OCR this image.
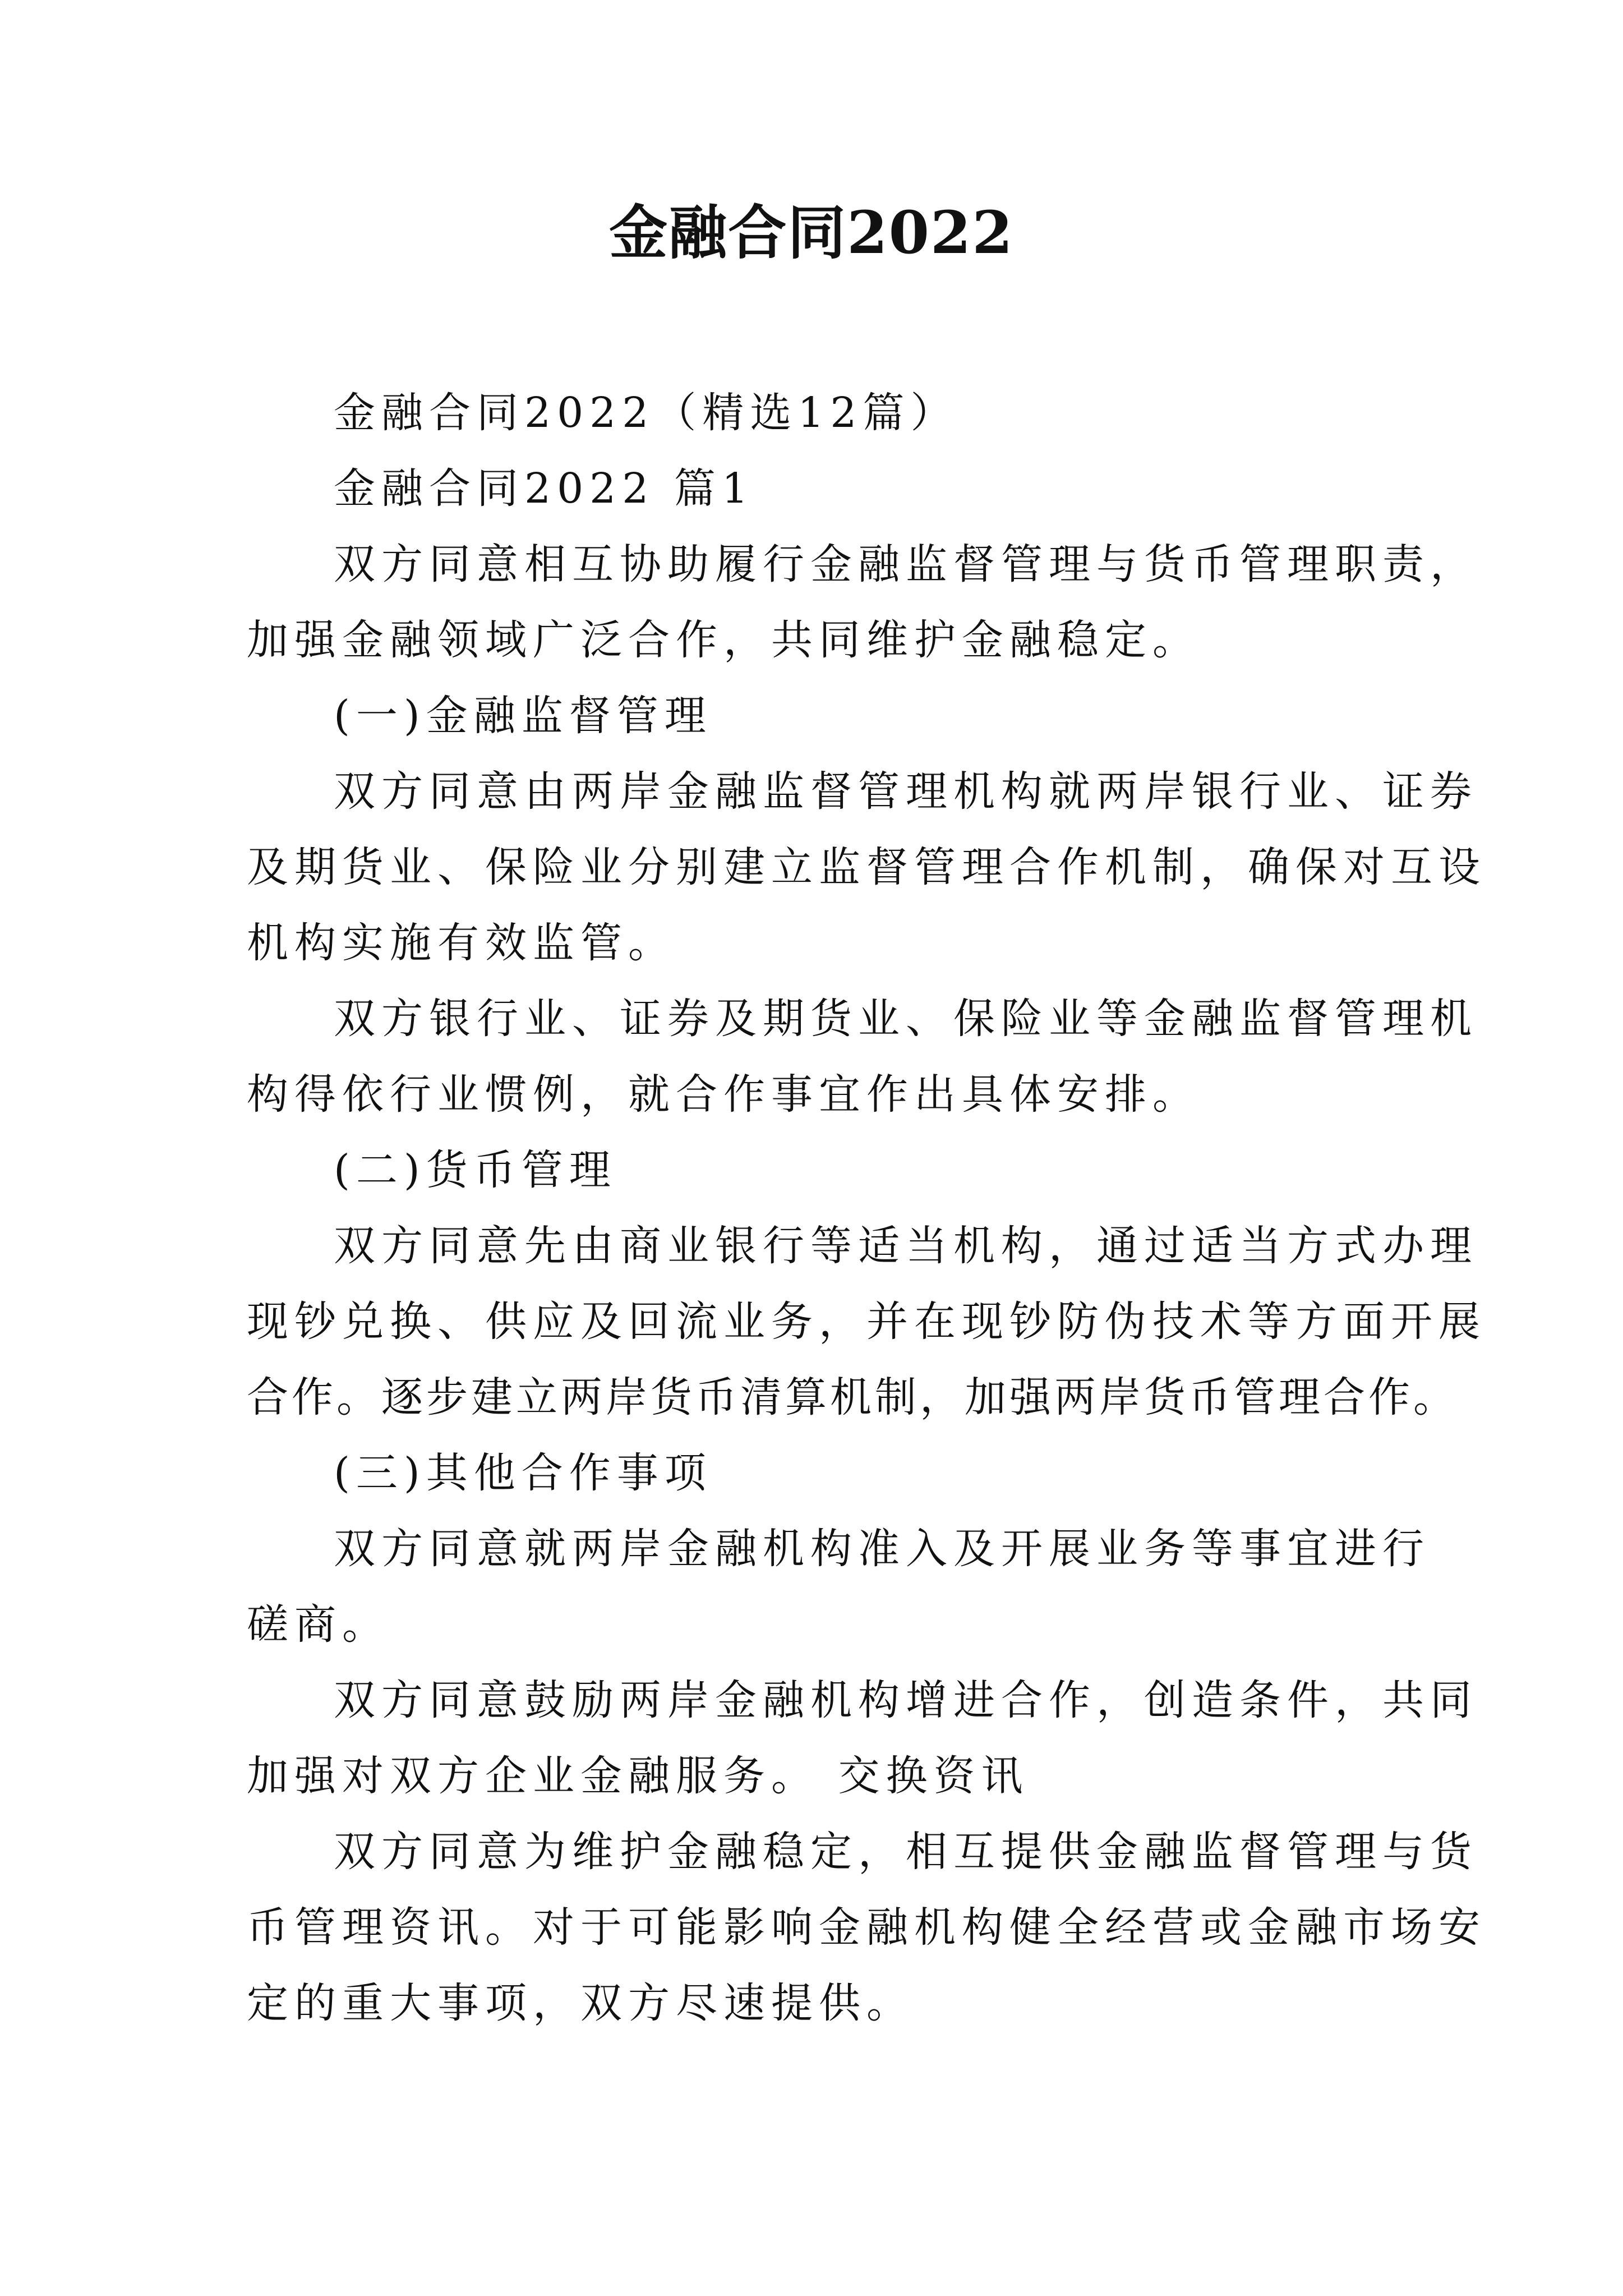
金融合同2022
金融合同2022（精选12篇）
金融合同2022 篇1
双方同意相互协助履行金融监督管理与货币管理职责，
加强金融领域广泛合作，共同维护金融稳定。
(一)金融监督管理
双方同意由两岸金融监督管理机构就两岸银行业、证券
及期货业、保险业分别建立监督管理合作机制，确保对互设
机构实施有效监管。
双方银行业、证券及期货业、保险业等金融监督管理机
构得依行业惯例，就合作事宜作出具体安排。
(二)货币管理
双方同意先由商业银行等适当机构，通过适当方式办理
现钞兑换、供应及回流业务，并在现钞防伪技术等方面开展
合作。逐步建立两岸货币清算机制，加强两岸货币管理合作。
(三)其他合作事项
双方同意就两岸金融机构准入及开展业务等事宜进行
磋商。
双方同意鼓励两岸金融机构增进合作，创造条件，共同
加强对双方企业金融服务。 交换资讯
双方同意为维护金融稳定，相互提供金融监督管理与货
币管理资讯。对于可能影响金融机构健全经营或金融市场安
定的重大事项，双方尽速提供。
